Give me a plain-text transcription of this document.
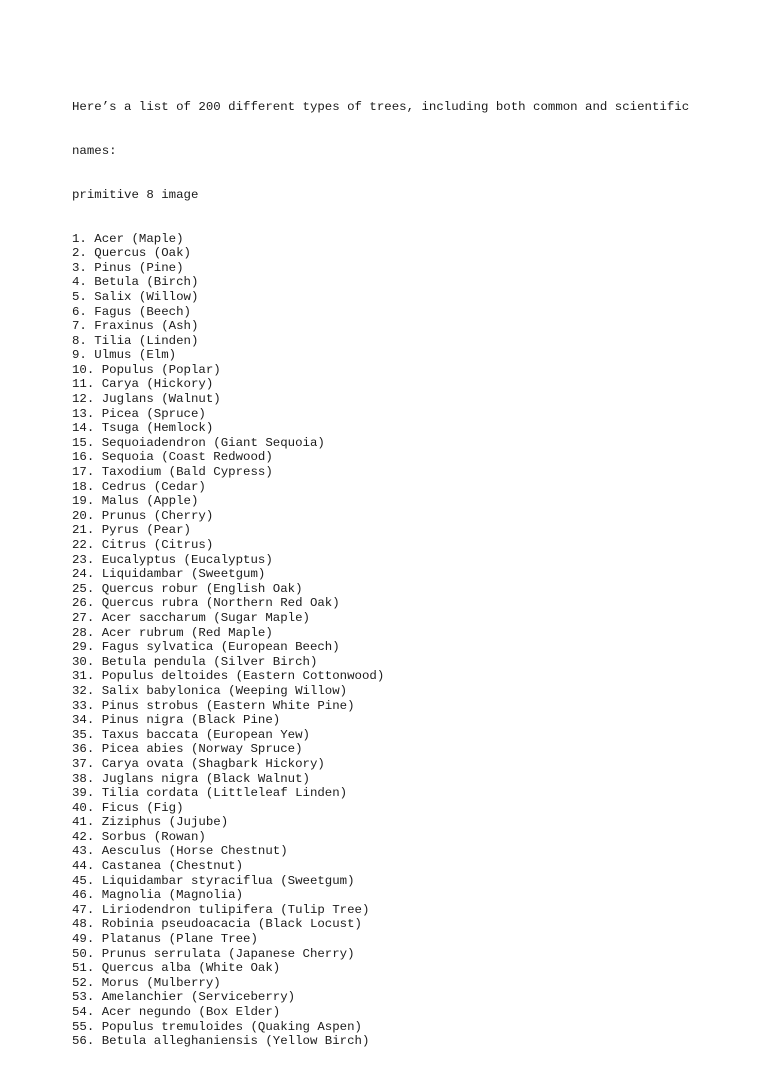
Here’s a list of 200 different types of trees, including both common and scientific

names:

primitive 8 image

1. Acer (Maple)
2. Quercus (Oak)
3. Pinus (Pine)
4. Betula (Birch)
5. Salix (Willow)
6. Fagus (Beech)
7. Fraxinus (Ash)
8. Tilia (Linden)
9. Ulmus (Elm)
10. Populus (Poplar)
11. Carya (Hickory)
12. Juglans (Walnut)
13. Picea (Spruce)
14. Tsuga (Hemlock)
15. Sequoiadendron (Giant Sequoia)
16. Sequoia (Coast Redwood)
17. Taxodium (Bald Cypress)
18. Cedrus (Cedar)
19. Malus (Apple)
20. Prunus (Cherry)
21. Pyrus (Pear)
22. Citrus (Citrus)
23. Eucalyptus (Eucalyptus)
24. Liquidambar (Sweetgum)
25. Quercus robur (English Oak)
26. Quercus rubra (Northern Red Oak)
27. Acer saccharum (Sugar Maple)
28. Acer rubrum (Red Maple)
29. Fagus sylvatica (European Beech)
30. Betula pendula (Silver Birch)
31. Populus deltoides (Eastern Cottonwood)
32. Salix babylonica (Weeping Willow)
33. Pinus strobus (Eastern White Pine)
34. Pinus nigra (Black Pine)
35. Taxus baccata (European Yew)
36. Picea abies (Norway Spruce)
37. Carya ovata (Shagbark Hickory)
38. Juglans nigra (Black Walnut)
39. Tilia cordata (Littleleaf Linden)
40. Ficus (Fig)
41. Ziziphus (Jujube)
42. Sorbus (Rowan)
43. Aesculus (Horse Chestnut)
44. Castanea (Chestnut)
45. Liquidambar styraciflua (Sweetgum)
46. Magnolia (Magnolia)
47. Liriodendron tulipifera (Tulip Tree)
48. Robinia pseudoacacia (Black Locust)
49. Platanus (Plane Tree)
50. Prunus serrulata (Japanese Cherry)
51. Quercus alba (White Oak)
52. Morus (Mulberry)
53. Amelanchier (Serviceberry)
54. Acer negundo (Box Elder)
55. Populus tremuloides (Quaking Aspen)
56. Betula alleghaniensis (Yellow Birch)
